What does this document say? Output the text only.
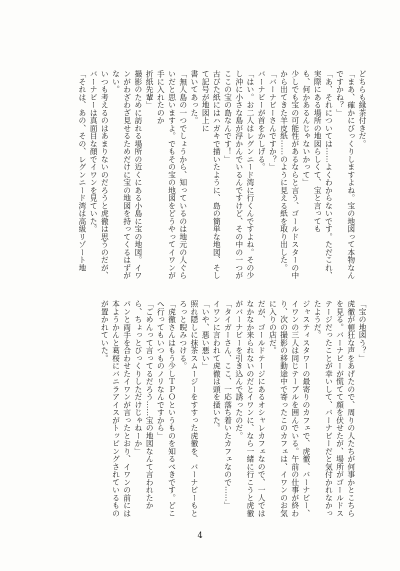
どちらも縁茶付きだ。
「まあ、確かにびっくりしますよね。宝の地図って本物なんですかね？」
「あ、それについては……よくわからないです。ただこれ、実際にある場所の地図らしくて、宝と言っても
も、何かあるんじゃないかって」
少しでも宝の可能性があるならと言う、ゴールドスターの中から出てきた羊皮紙……のように見える紙を取り出した。
「バーナビーさんですか？」
バーナビーが首をかしげる。
「はい。お二人はレグンニード湾に行くんですよね。その少し沖に小さな島が浮かんでいるんですけど、その中の一つがここの宝の島なんです！」
古びた紙にはハガキで描いたように、島の簡単な地図、そして記号が地図上に
書いてあった。
「無人島の一つでしょうから、知っているのは地元の人ぐらいだと思いますよ。でもその宝の地図をどうやってイワンが手に入れたのか
折紙先輩」
撮影のために訪れる場所の近くにある小島に宝の地図。イワンがわざわざ見せるためだけに宝の地図を持ってくるはずがない。
いつも考えるのはあまりないのだろうと虎徹は思うのだが、バーナビーは真面目な顔でイワンを見ていた。
「それは、あの、その、レグンニード湾は高級リゾート地
「宝の地図う？」
虎徹が頓狂な声をあげたので、周りの人たちが何事かとこちらを見る。バーナビーが慌てて顔を伏せたが、場所がゴールドステージだったことが幸いして、バーナビーだと気付かれなかったようだ。
ジャスティスタワーの最寄りのカフェで、虎徹、バーナビー、イワンの三人は同じテーブルを囲んでいる。午前の仕事が終わり、次の撮影の移動途中で寄ったこのカフェは、イワンのお気に入りの店だ。
だが、ゴールドテージにあるオシャレカフェなので、一人ではなかなか来られないのだとイワンに、なら一緒に行こうと虎徹がバーナビーを引き込んで誘ったのだ。
「タイガーさん、ここ、一応落ち着いたカフェなので……」
イワンに言われて虎徹は頭を掻いた。
「いや、悪い悪い」
照れ隠しに抹茶スムージーをすすった虎徹を、バーナビーもとろっと睨みつける。
「虎徹さんはもう少しＴＰＯというものを知るべきです。どこへ行ってもいつものノリなんですから」
「ごめんって言ってるだろう……宝の地図なんて言われたから、ちょっとびっくりしただけじゃねーか」
パンと両手を合わせたイワンが言ったとおり、イワンの前には本ようかんと葛桜にバニラアイスがトッピングされているものが置かれていた。
4
